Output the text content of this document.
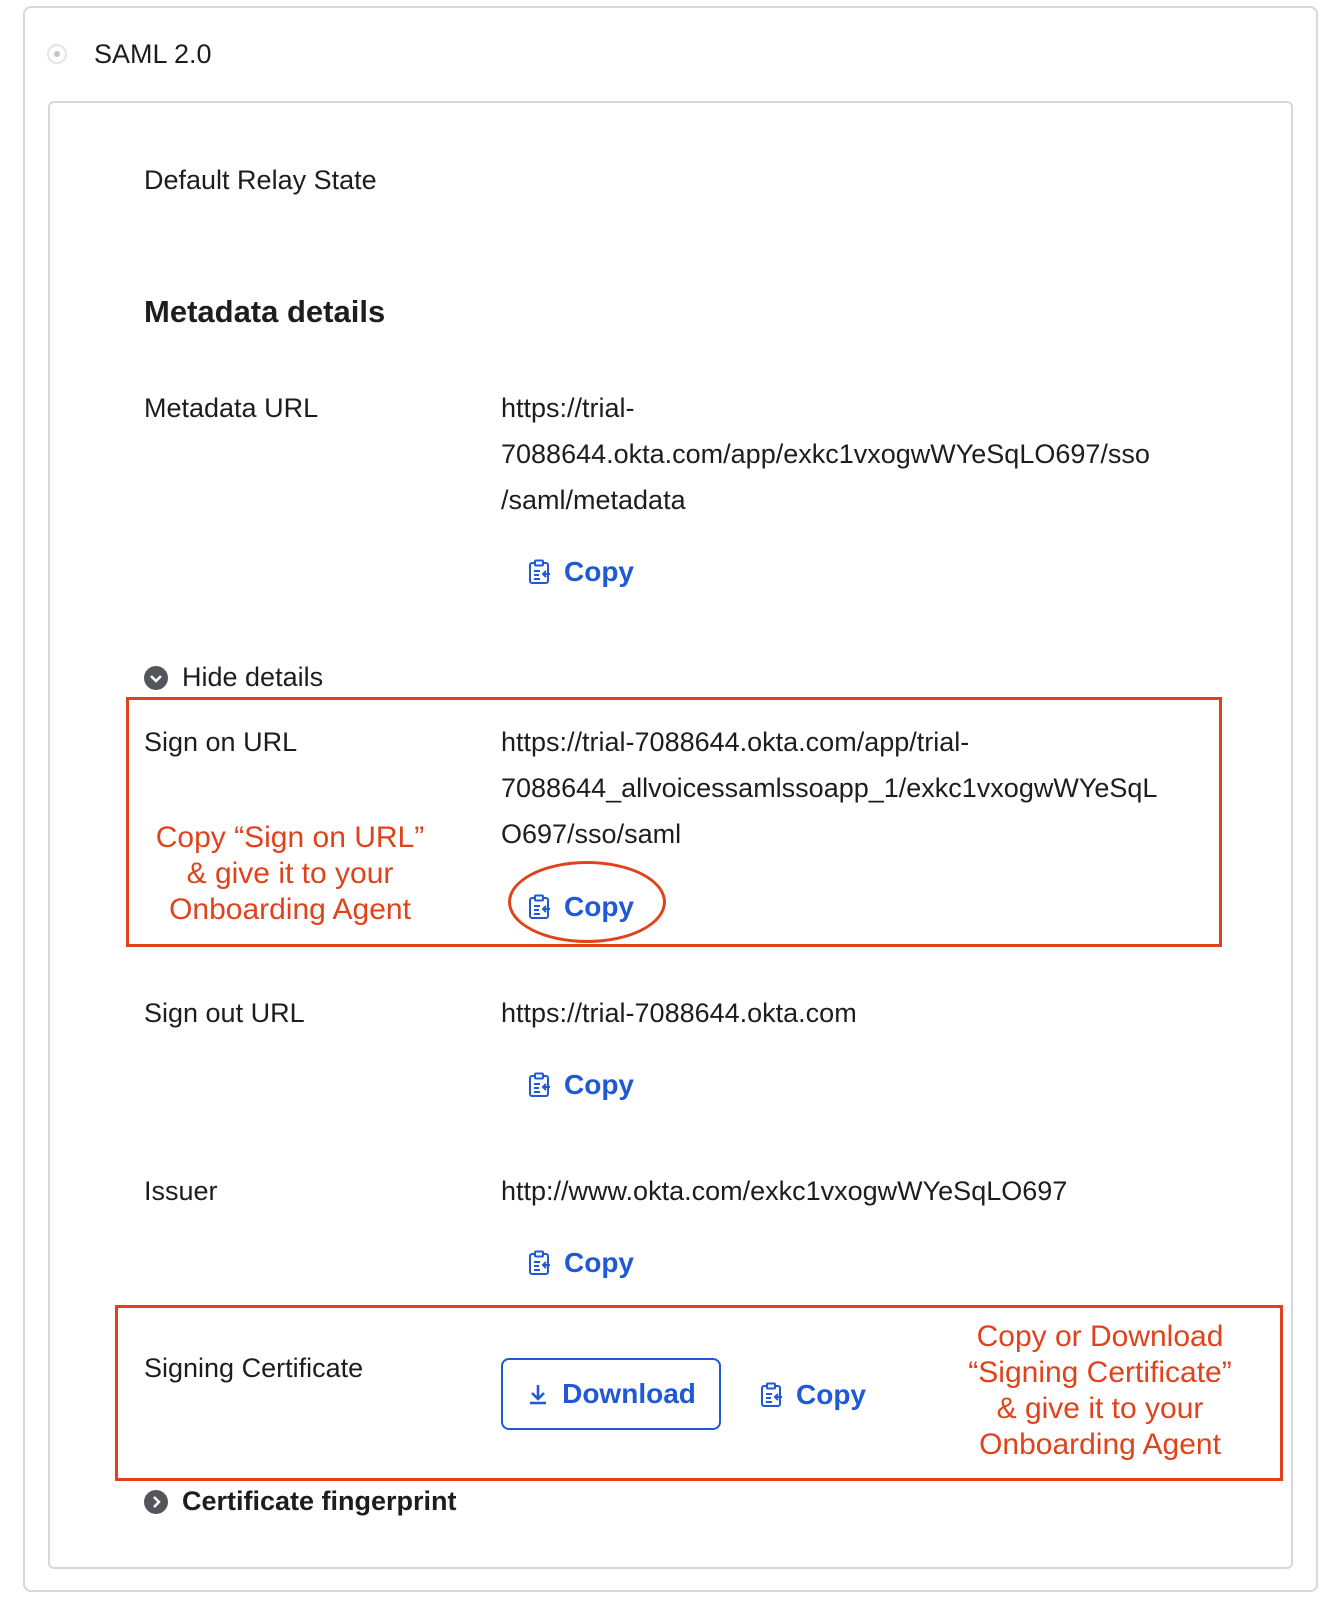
SAML 2.0
Default Relay State
Metadata details
Metadata URL	https://trial-
7088644.okta.com/app/exkc1vxogwWYeSqLO697/sso
/saml/metadata
Copy
Hide details
Sign on URL	https://trial-7088644.okta.com/app/trial-
7088644_allvoicessamlssoapp_1/exkc1vxogwWYeSqL
O697/sso/saml
Copy
Copy “Sign on URL”
& give it to your
Onboarding Agent
Sign out URL	https://trial-7088644.okta.com
Copy
Issuer	http://www.okta.com/exkc1vxogwWYeSqLO697
Copy
Signing Certificate
Download	Copy
Copy or Download
“Signing Certificate”
& give it to your
Onboarding Agent
Certificate fingerprint
